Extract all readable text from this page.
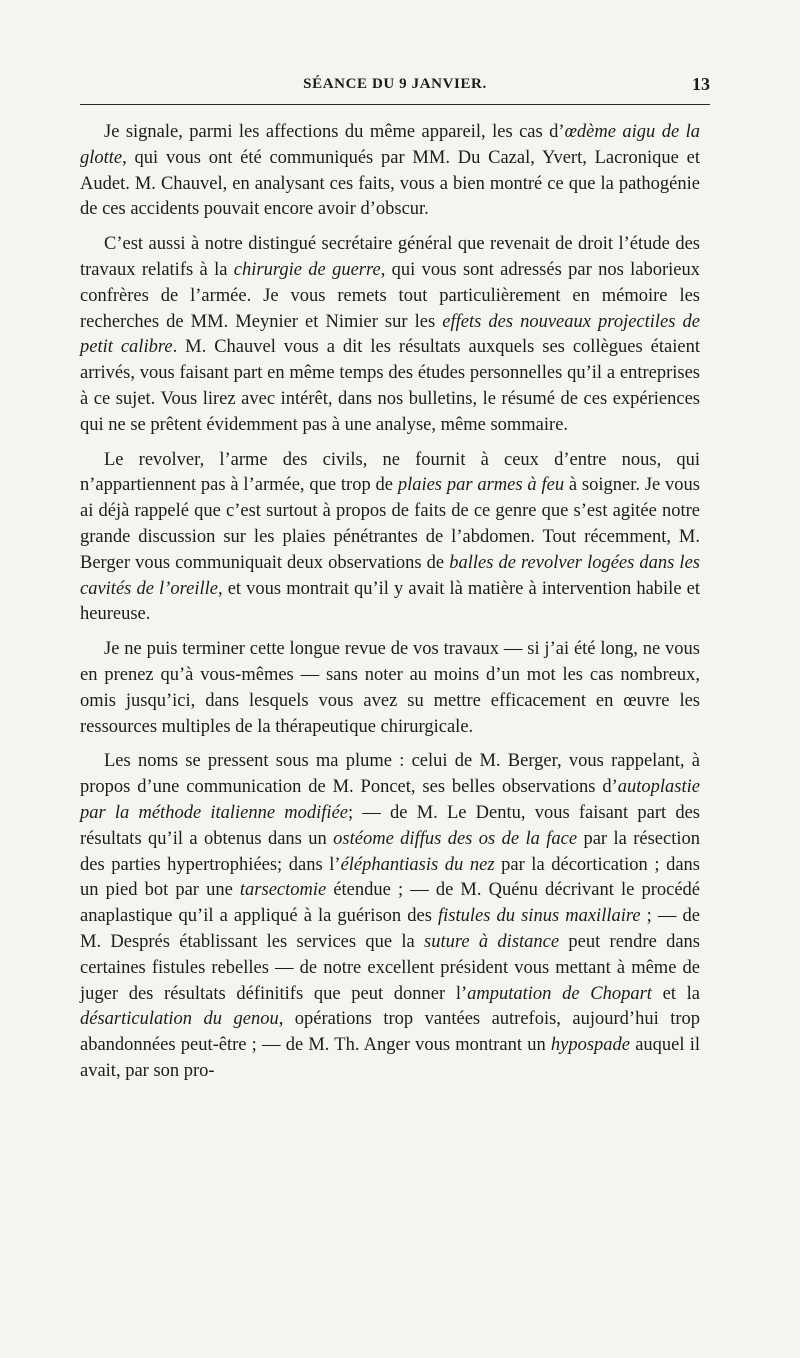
SÉANCE DU 9 JANVIER.	13

Je signale, parmi les affections du même appareil, les cas d’œdème aigu de la glotte, qui vous ont été communiqués par MM. Du Cazal, Yvert, Lacronique et Audet. M. Chauvel, en analysant ces faits, vous a bien montré ce que la pathogénie de ces accidents pouvait encore avoir d’obscur.

C’est aussi à notre distingué secrétaire général que revenait de droit l’étude des travaux relatifs à la chirurgie de guerre, qui vous sont adressés par nos laborieux confrères de l’armée. Je vous remets tout particulièrement en mémoire les recherches de MM. Meynier et Nimier sur les effets des nouveaux projectiles de petit calibre. M. Chauvel vous a dit les résultats auxquels ses collègues étaient arrivés, vous faisant part en même temps des études personnelles qu’il a entreprises à ce sujet. Vous lirez avec intérêt, dans nos bulletins, le résumé de ces expériences qui ne se prêtent évidemment pas à une analyse, même sommaire.

Le revolver, l’arme des civils, ne fournit à ceux d’entre nous, qui n’appartiennent pas à l’armée, que trop de plaies par armes à feu à soigner. Je vous ai déjà rappelé que c’est surtout à propos de faits de ce genre que s’est agitée notre grande discussion sur les plaies pénétrantes de l’abdomen. Tout récemment, M. Berger vous communiquait deux observations de balles de revolver logées dans les cavités de l’oreille, et vous montrait qu’il y avait là matière à intervention habile et heureuse.

Je ne puis terminer cette longue revue de vos travaux — si j’ai été long, ne vous en prenez qu’à vous-mêmes — sans noter au moins d’un mot les cas nombreux, omis jusqu’ici, dans lesquels vous avez su mettre efficacement en œuvre les ressources multiples de la thérapeutique chirurgicale.

Les noms se pressent sous ma plume : celui de M. Berger, vous rappelant, à propos d’une communication de M. Poncet, ses belles observations d’autoplastie par la méthode italienne modifiée; — de M. Le Dentu, vous faisant part des résultats qu’il a obtenus dans un ostéome diffus des os de la face par la résection des parties hypertrophiées; dans l’éléphantiasis du nez par la décortication ; dans un pied bot par une tarsectomie étendue ; — de M. Quénu décrivant le procédé anaplastique qu’il a appliqué à la guérison des fistules du sinus maxillaire ; — de M. Després établissant les services que la suture à distance peut rendre dans certaines fistules rebelles — de notre excellent président vous mettant à même de juger des résultats définitifs que peut donner l’amputation de Chopart et la désarticulation du genou, opérations trop vantées autrefois, aujourd’hui trop abandonnées peut-être ; — de M. Th. Anger vous montrant un hypospade auquel il avait, par son pro-
